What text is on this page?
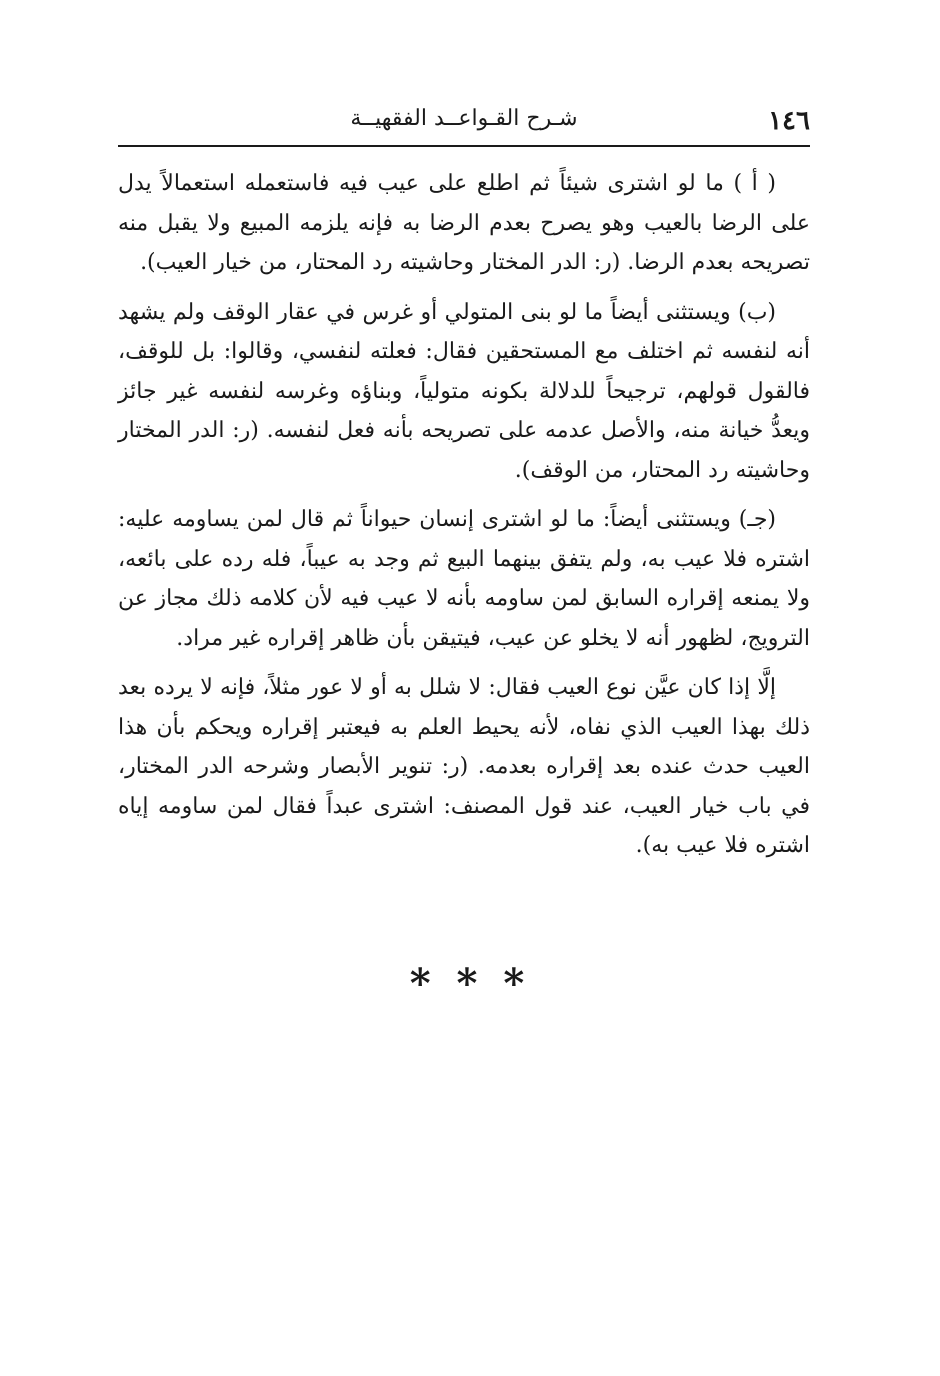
١٤٦
شـرح القـواعــد الفقهيــة

( أ ) ما لو اشترى شيئاً ثم اطلع على عيب فيه فاستعمله استعمالاً يدل على الرضا بالعيب وهو يصرح بعدم الرضا به فإنه يلزمه المبيع ولا يقبل منه تصريحه بعدم الرضا. (ر: الدر المختار وحاشيته رد المحتار، من خيار العيب).

(ب) ويستثنى أيضاً ما لو بنى المتولي أو غرس في عقار الوقف ولم يشهد أنه لنفسه ثم اختلف مع المستحقين فقال: فعلته لنفسي، وقالوا: بل للوقف، فالقول قولهم، ترجيحاً للدلالة بكونه متولياً، وبناؤه وغرسه لنفسه غير جائز ويعدُّ خيانة منه، والأصل عدمه على تصريحه بأنه فعل لنفسه. (ر: الدر المختار وحاشيته رد المحتار، من الوقف).

(جـ) ويستثنى أيضاً: ما لو اشترى إنسان حيواناً ثم قال لمن يساومه عليه: اشتره فلا عيب به، ولم يتفق بينهما البيع ثم وجد به عيباً، فله رده على بائعه، ولا يمنعه إقراره السابق لمن ساومه بأنه لا عيب فيه لأن كلامه ذلك مجاز عن الترويج، لظهور أنه لا يخلو عن عيب، فيتيقن بأن ظاهر إقراره غير مراد.

إلَّا إذا كان عيَّن نوع العيب فقال: لا شلل به أو لا عور مثلاً، فإنه لا يرده بعد ذلك بهذا العيب الذي نفاه، لأنه يحيط العلم به فيعتبر إقراره ويحكم بأن هذا العيب حدث عنده بعد إقراره بعدمه. (ر: تنوير الأبصار وشرحه الدر المختار، في باب خيار العيب، عند قول المصنف: اشترى عبداً فقال لمن ساومه إياه اشتره فلا عيب به).

* * *
